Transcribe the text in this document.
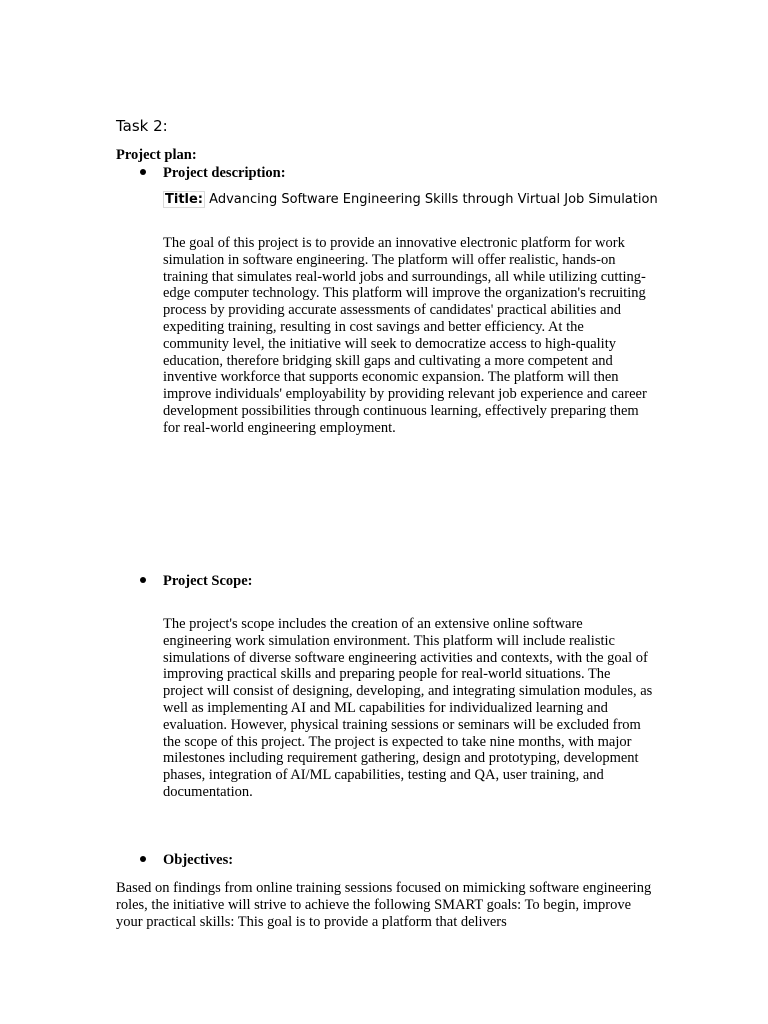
Task 2:
Project plan:
Project description:
Title: Advancing Software Engineering Skills through Virtual Job Simulation
The goal of this project is to provide an innovative electronic platform for work simulation in software engineering. The platform will offer realistic, hands-on training that simulates real-world jobs and surroundings, all while utilizing cutting-edge computer technology. This platform will improve the organization's recruiting process by providing accurate assessments of candidates' practical abilities and expediting training, resulting in cost savings and better efficiency. At the community level, the initiative will seek to democratize access to high-quality education, therefore bridging skill gaps and cultivating a more competent and inventive workforce that supports economic expansion. The platform will then improve individuals' employability by providing relevant job experience and career development possibilities through continuous learning, effectively preparing them for real-world engineering employment.
Project Scope:
The project's scope includes the creation of an extensive online software engineering work simulation environment. This platform will include realistic simulations of diverse software engineering activities and contexts, with the goal of improving practical skills and preparing people for real-world situations. The project will consist of designing, developing, and integrating simulation modules, as well as implementing AI and ML capabilities for individualized learning and evaluation. However, physical training sessions or seminars will be excluded from the scope of this project. The project is expected to take nine months, with major milestones including requirement gathering, design and prototyping, development phases, integration of AI/ML capabilities, testing and QA, user training, and documentation.
Objectives:
Based on findings from online training sessions focused on mimicking software engineering roles, the initiative will strive to achieve the following SMART goals: To begin, improve your practical skills: This goal is to provide a platform that delivers
